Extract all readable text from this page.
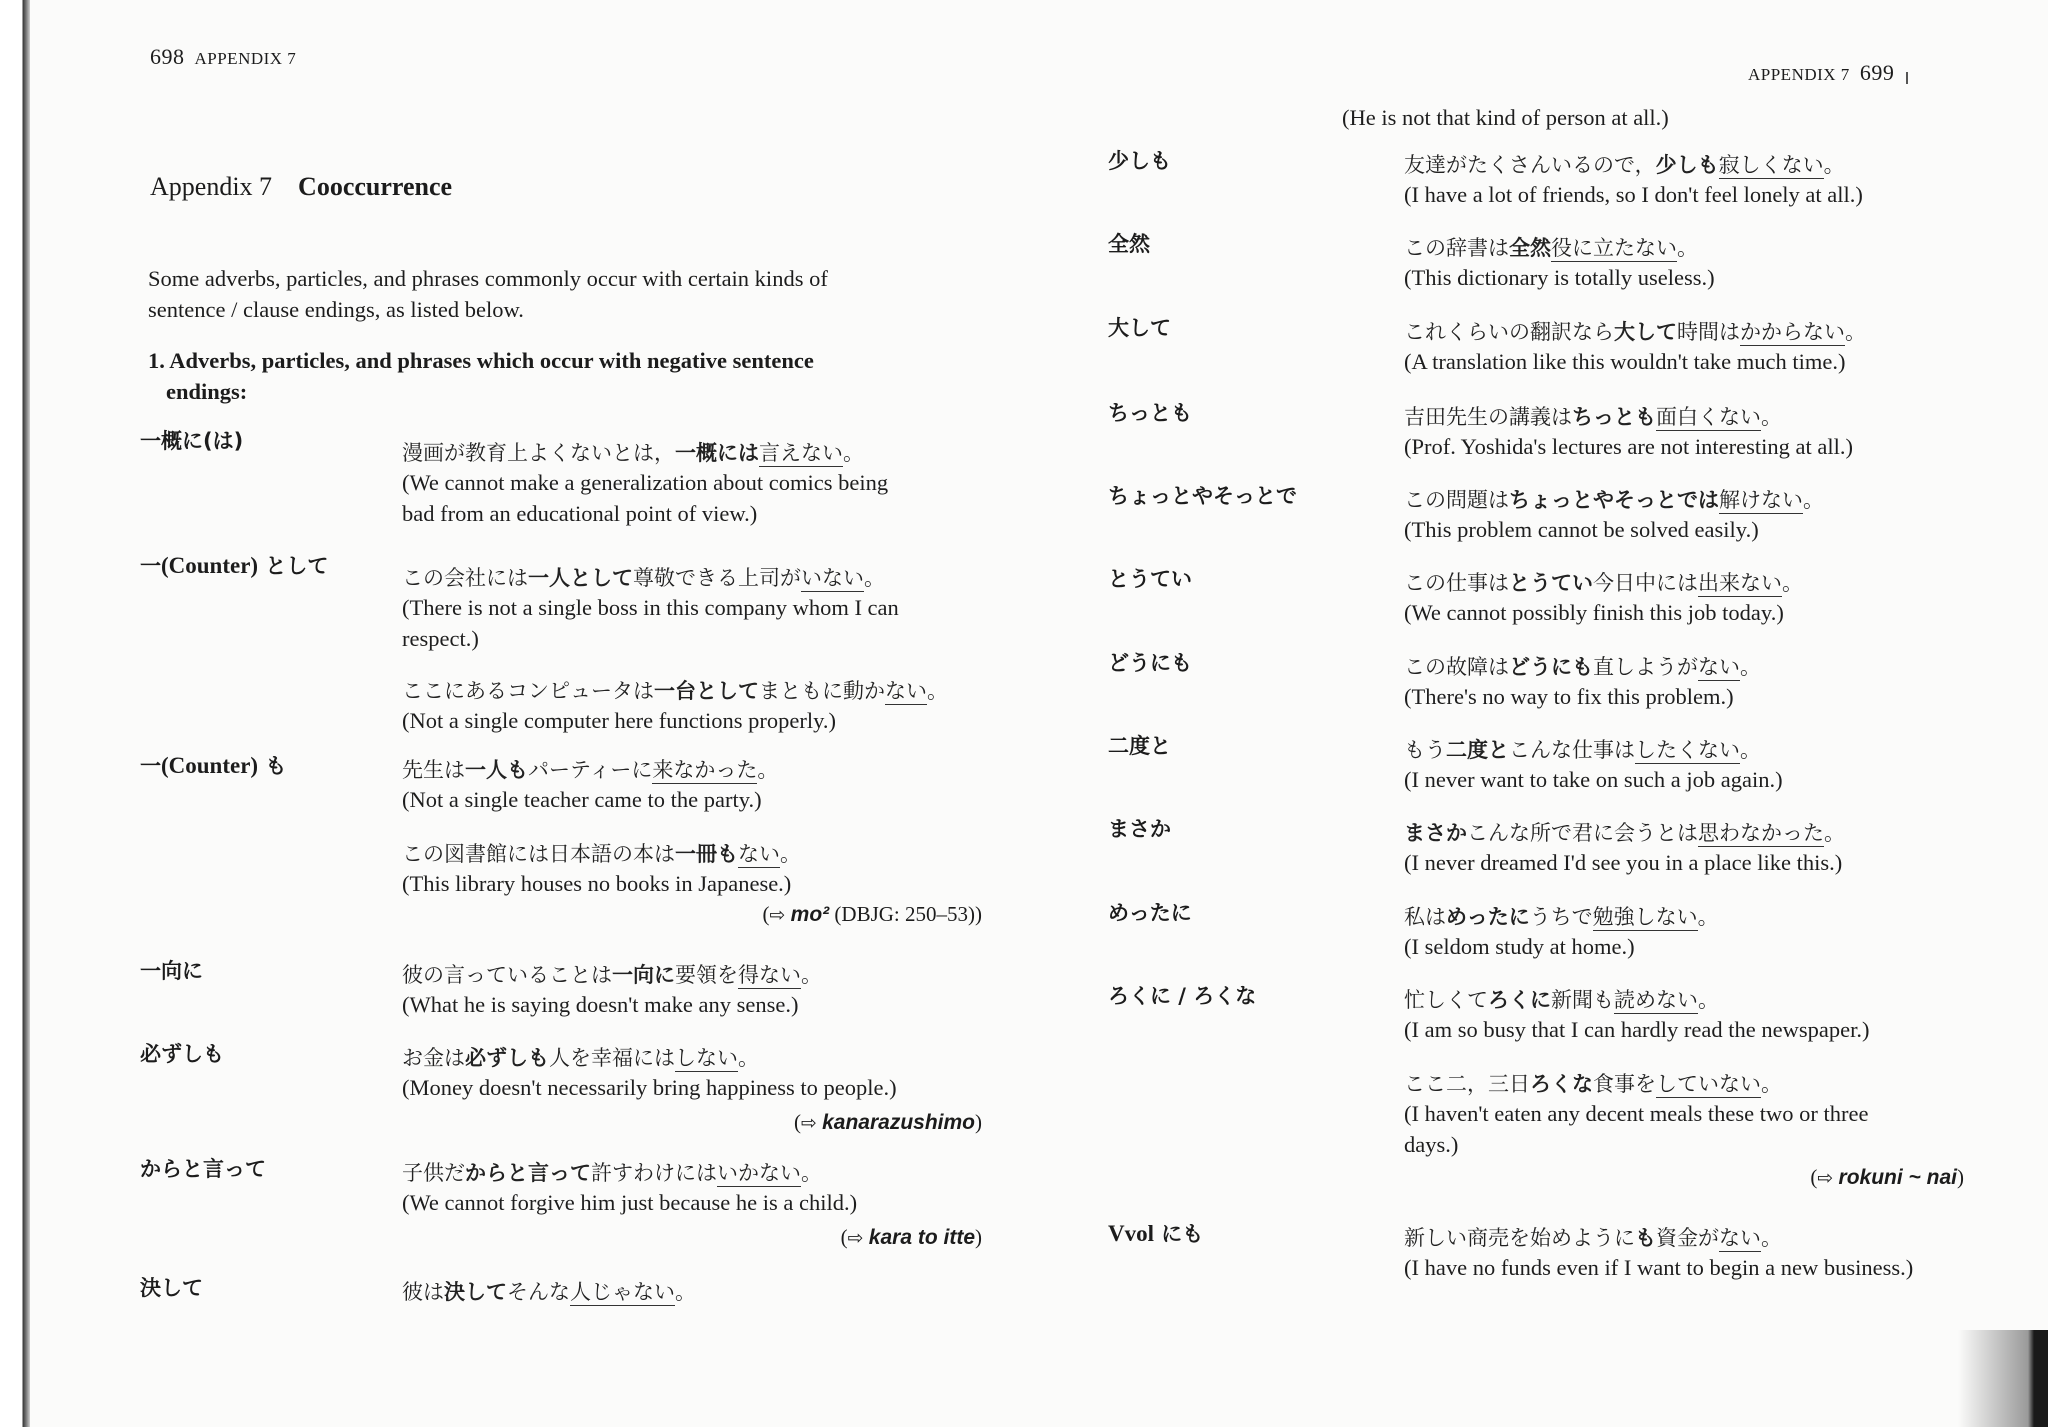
698 APPENDIX 7
Appendix 7 Cooccurrence
Some adverbs, particles, and phrases commonly occur with certain kinds of
sentence / clause endings, as listed below.
1. Adverbs, particles, and phrases which occur with negative sentence
endings:
一概に(は)	漫画が教育上よくないとは，一概には言えない。
(We cannot make a generalization about comics being
bad from an educational point of view.)
一(Counter) として	この会社には一人として尊敬できる上司がいない。
(There is not a single boss in this company whom I can
respect.)
ここにあるコンピュータは一台としてまともに動かない。
(Not a single computer here functions properly.)
一(Counter) も	先生は一人もパーティーに来なかった。
(Not a single teacher came to the party.)
この図書館には日本語の本は一冊もない。
(This library houses no books in Japanese.)
(⇨ mo² (DBJG: 250–53))
一向に	彼の言っていることは一向に要領を得ない。
(What he is saying doesn't make any sense.)
必ずしも	お金は必ずしも人を幸福にはしない。
(Money doesn't necessarily bring happiness to people.)
(⇨ kanarazushimo)
からと言って	子供だからと言って許すわけにはいかない。
(We cannot forgive him just because he is a child.)
(⇨ kara to itte)
決して	彼は決してそんな人じゃない。
APPENDIX 7 699
(He is not that kind of person at all.)
少しも	友達がたくさんいるので，少しも寂しくない。
(I have a lot of friends, so I don't feel lonely at all.)
全然	この辞書は全然役に立たない。
(This dictionary is totally useless.)
大して	これくらいの翻訳なら大して時間はかからない。
(A translation like this wouldn't take much time.)
ちっとも	吉田先生の講義はちっとも面白くない。
(Prof. Yoshida's lectures are not interesting at all.)
ちょっとやそっとで	この問題はちょっとやそっとでは解けない。
(This problem cannot be solved easily.)
とうてい	この仕事はとうてい今日中には出来ない。
(We cannot possibly finish this job today.)
どうにも	この故障はどうにも直しようがない。
(There's no way to fix this problem.)
二度と	もう二度とこんな仕事はしたくない。
(I never want to take on such a job again.)
まさか	まさかこんな所で君に会うとは思わなかった。
(I never dreamed I'd see you in a place like this.)
めったに	私はめったにうちで勉強しない。
(I seldom study at home.)
ろくに / ろくな	忙しくてろくに新聞も読めない。
(I am so busy that I can hardly read the newspaper.)
ここ二，三日ろくな食事をしていない。
(I haven't eaten any decent meals these two or three
days.)
(⇨ rokuni ~ nai)
Vvol にも	新しい商売を始めようにも資金がない。
(I have no funds even if I want to begin a new business.)
